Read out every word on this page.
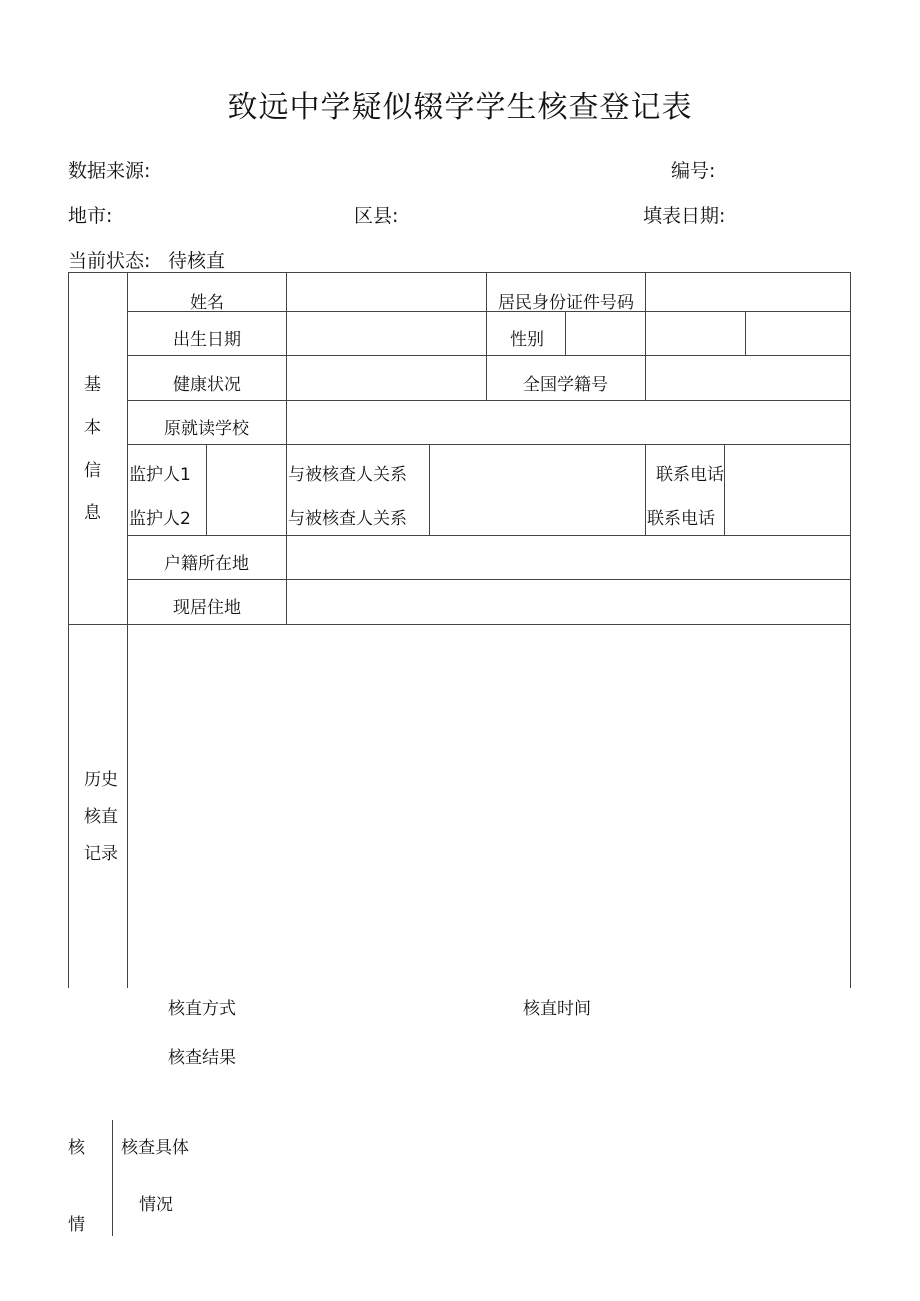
致远中学疑似辍学学生核查登记表
数据来源:	编号:
地市:	区县:	填表日期:
当前状态: 待核直
基
本
信
息
姓名	居民身份证件号码
出生日期	性别
健康状况	全国学籍号
原就读学校
监护人1	与被核查人关系	联系电话
监护人2	与被核查人关系	联系电话
户籍所在地
现居住地
历史
核直
记录
核直方式	核直时间
核查结果
核
情
核查具体
情况
